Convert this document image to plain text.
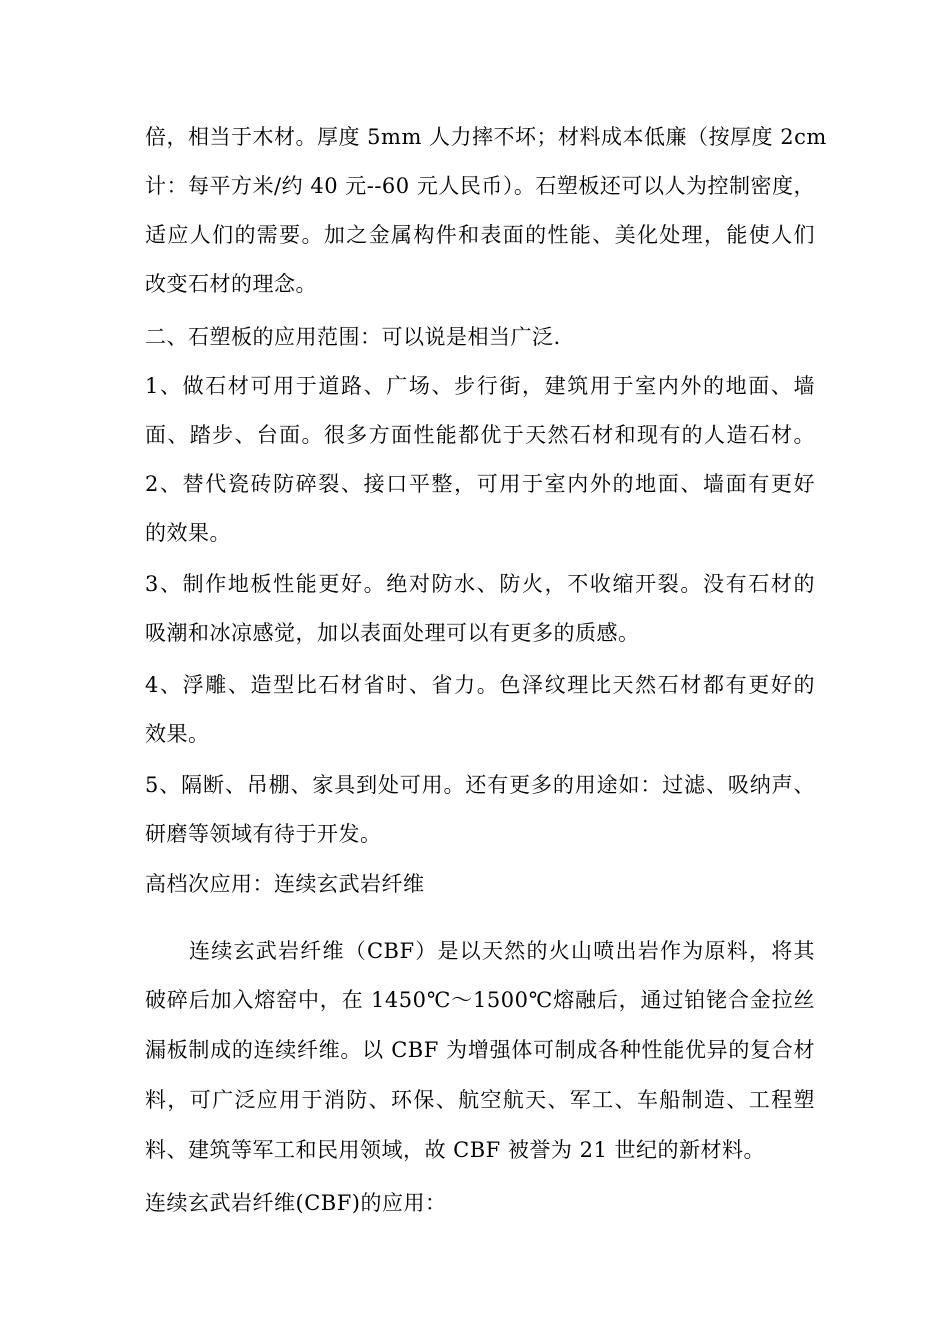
倍，相当于木材。厚度 5mm 人力摔不坏；材料成本低廉（按厚度 2cm
计：每平方米/约 40 元--60 元人民币）。石塑板还可以人为控制密度，
适应人们的需要。加之金属构件和表面的性能、美化处理，能使人们
改变石材的理念。
二、石塑板的应用范围：可以说是相当广泛.
1、做石材可用于道路、广场、步行街，建筑用于室内外的地面、墙
面、踏步、台面。很多方面性能都优于天然石材和现有的人造石材。
2、替代瓷砖防碎裂、接口平整，可用于室内外的地面、墙面有更好
的效果。
3、制作地板性能更好。绝对防水、防火，不收缩开裂。没有石材的
吸潮和冰凉感觉，加以表面处理可以有更多的质感。
4、浮雕、造型比石材省时、省力。色泽纹理比天然石材都有更好的
效果。
5、隔断、吊棚、家具到处可用。还有更多的用途如：过滤、吸纳声、
研磨等领域有待于开发。
高档次应用：连续玄武岩纤维
连续玄武岩纤维（CBF）是以天然的火山喷出岩作为原料，将其
破碎后加入熔窑中，在 1450℃～1500℃熔融后，通过铂铑合金拉丝
漏板制成的连续纤维。以 CBF 为增强体可制成各种性能优异的复合材
料，可广泛应用于消防、环保、航空航天、军工、车船制造、工程塑
料、建筑等军工和民用领域，故 CBF 被誉为 21 世纪的新材料。
连续玄武岩纤维(CBF)的应用：
